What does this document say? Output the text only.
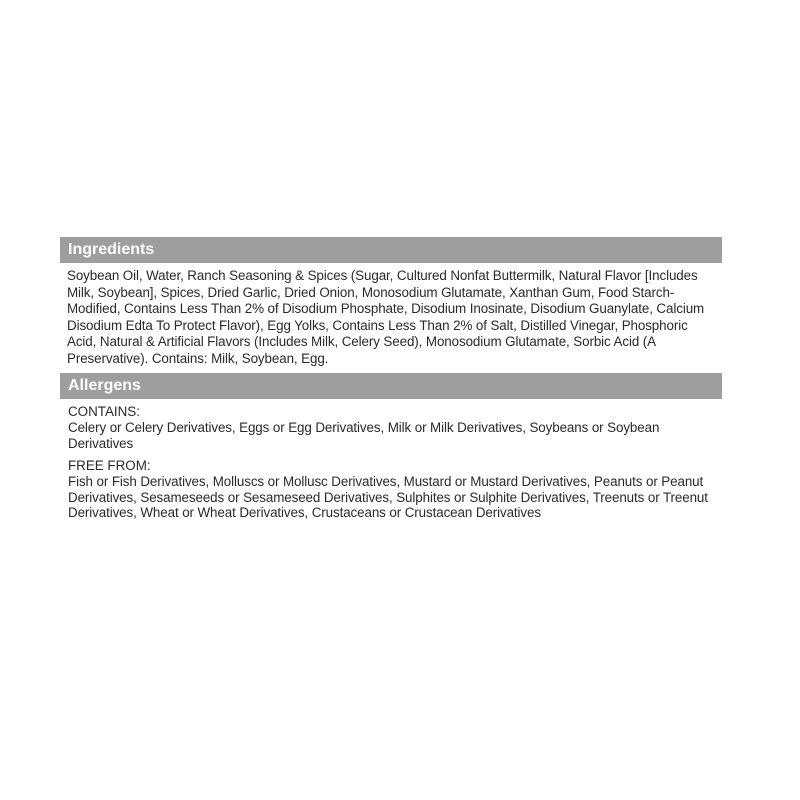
Ingredients

Soybean Oil, Water, Ranch Seasoning & Spices (Sugar, Cultured Nonfat Buttermilk, Natural Flavor [Includes Milk, Soybean], Spices, Dried Garlic, Dried Onion, Monosodium Glutamate, Xanthan Gum, Food Starch-Modified, Contains Less Than 2% of Disodium Phosphate, Disodium Inosinate, Disodium Guanylate, Calcium Disodium Edta To Protect Flavor), Egg Yolks, Contains Less Than 2% of Salt, Distilled Vinegar, Phosphoric Acid, Natural & Artificial Flavors (Includes Milk, Celery Seed), Monosodium Glutamate, Sorbic Acid (A Preservative). Contains: Milk, Soybean, Egg.

Allergens

CONTAINS:

Celery or Celery Derivatives, Eggs or Egg Derivatives, Milk or Milk Derivatives, Soybeans or Soybean Derivatives

FREE FROM:

Fish or Fish Derivatives, Molluscs or Mollusc Derivatives, Mustard or Mustard Derivatives, Peanuts or Peanut Derivatives, Sesameseeds or Sesameseed Derivatives, Sulphites or Sulphite Derivatives, Treenuts or Treenut Derivatives, Wheat or Wheat Derivatives, Crustaceans or Crustacean Derivatives
